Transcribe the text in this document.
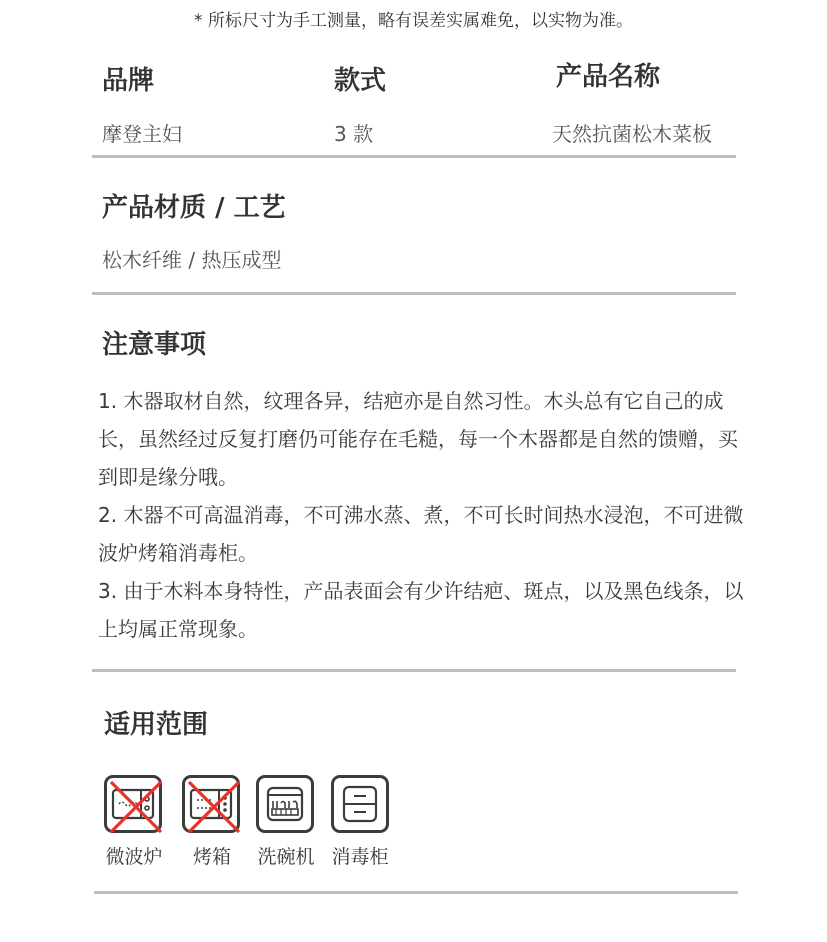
* 所标尺寸为手工测量，略有误差实属难免，以实物为准。
品牌	款式	产品名称
摩登主妇	3 款	天然抗菌松木菜板
产品材质 / 工艺
松木纤维 / 热压成型
注意事项

1. 木器取材自然，纹理各异，结疤亦是自然习性。木头总有它自己的成长，虽然经过反复打磨仍可能存在毛糙，每一个木器都是自然的馈赠，买到即是缘分哦。

2. 木器不可高温消毒，不可沸水蒸、煮，不可长时间热水浸泡，不可进微波炉烤箱消毒柜。

3. 由于木料本身特性，产品表面会有少许结疤、斑点，以及黑色线条，以上均属正常现象。

适用范围
微波炉	烤箱	洗碗机 消毒柜
